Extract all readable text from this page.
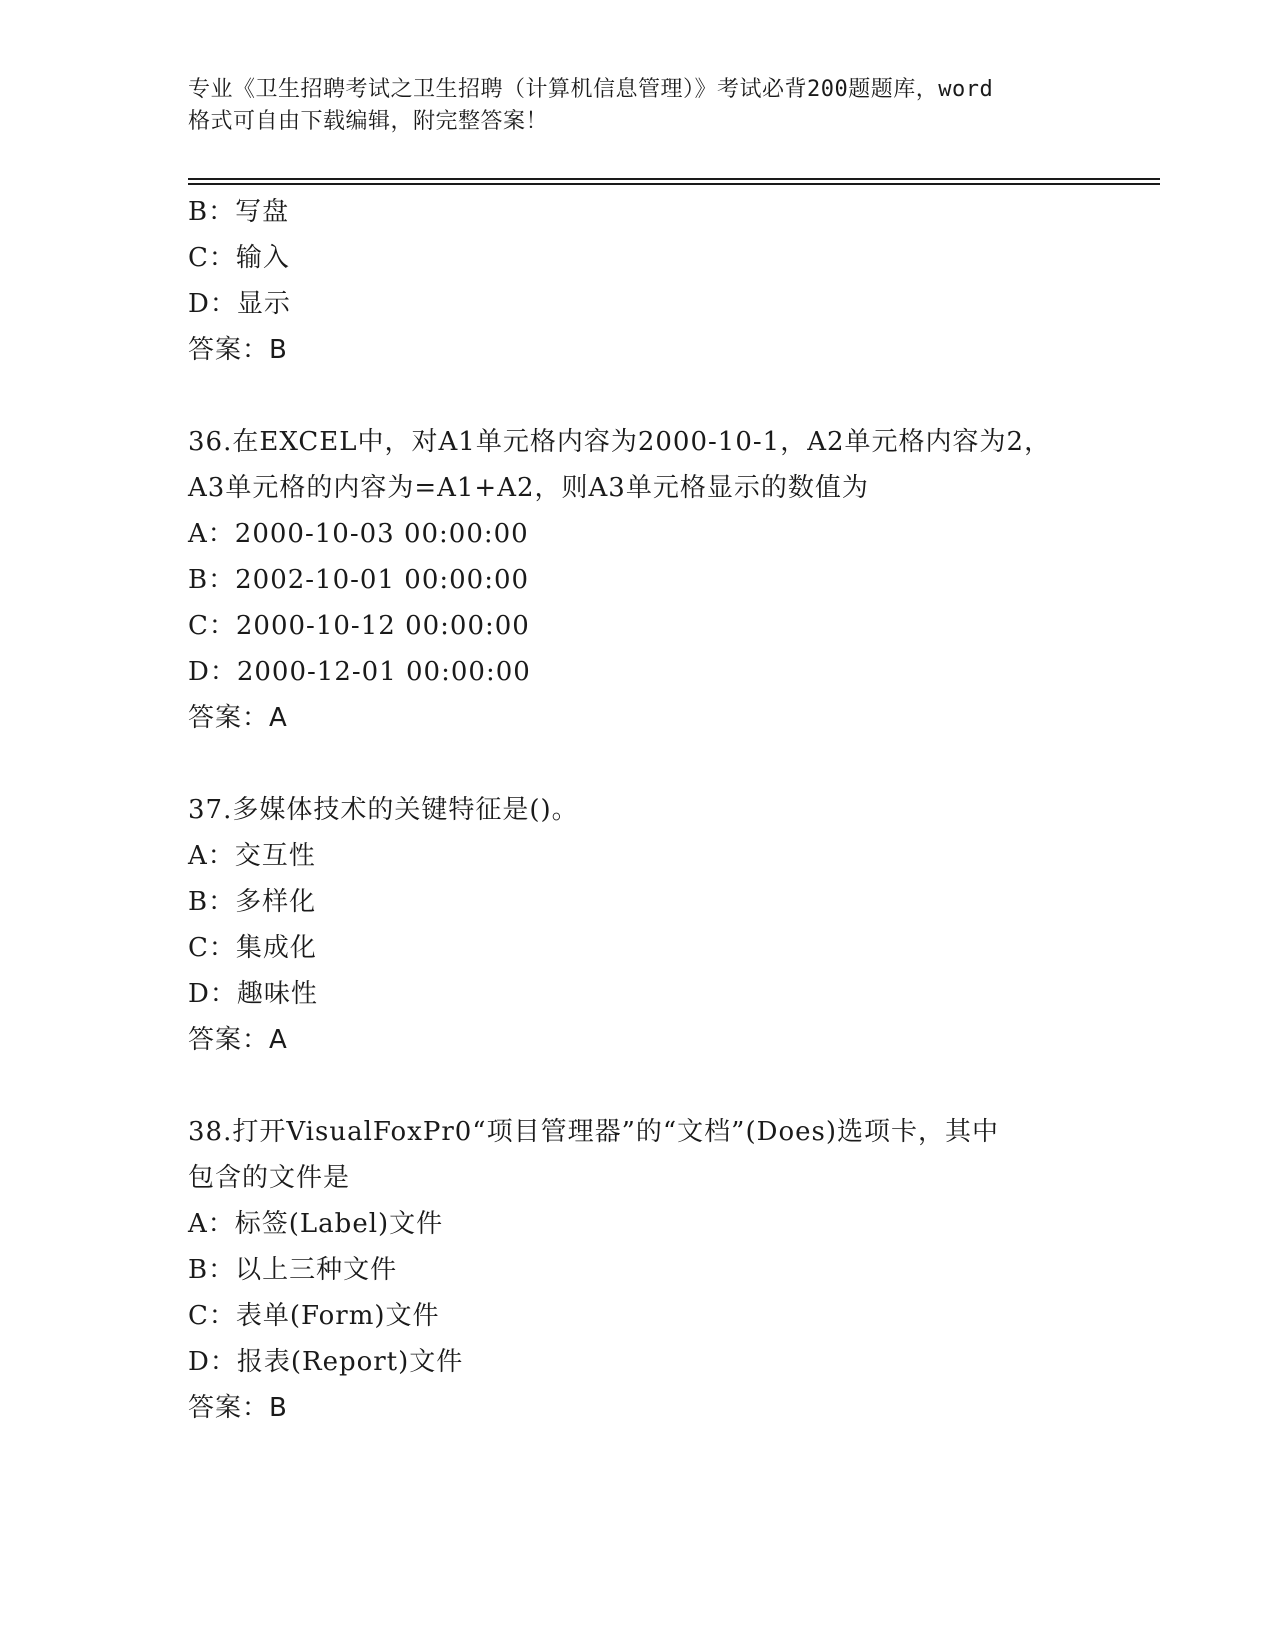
专业《卫生招聘考试之卫生招聘（计算机信息管理）》考试必背200题题库，word
格式可自由下载编辑，附完整答案！
B：写盘
C：输入
D：显示
答案：B
36.在EXCEL中，对A1单元格内容为2000-10-1，A2单元格内容为2，
A3单元格的内容为=A1+A2，则A3单元格显示的数值为
A：2000-10-03 00:00:00
B：2002-10-01 00:00:00
C：2000-10-12 00:00:00
D：2000-12-01 00:00:00
答案：A
37.多媒体技术的关键特征是()。
A：交互性
B：多样化
C：集成化
D：趣味性
答案：A
38.打开VisualFoxPr0“项目管理器”的“文档”(Does)选项卡，其中
包含的文件是
A：标签(Label)文件
B：以上三种文件
C：表单(Form)文件
D：报表(Report)文件
答案：B
